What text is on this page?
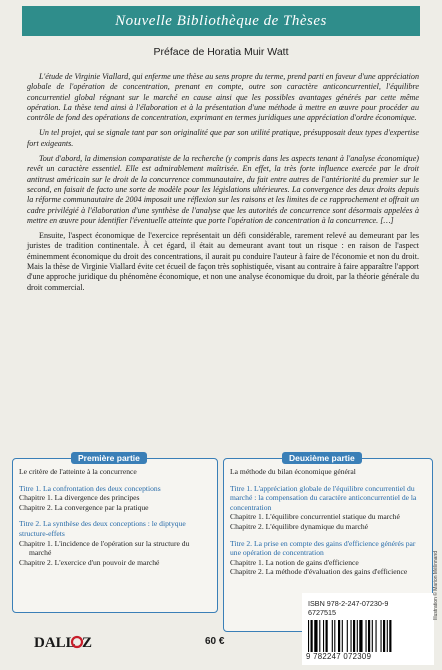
Nouvelle Bibliothèque de Thèses
Préface de Horatia Muir Watt

L'étude de Virginie Viallard, qui enferme une thèse au sens propre du terme, prend parti en faveur d'une appréciation globale de l'opération de concentration, prenant en compte, outre son caractère anticoncurrentiel, l'équilibre concurrentiel global régnant sur le marché en cause ainsi que les possibles avantages générés par cette même opération. La thèse tend ainsi à l'élaboration et à la présentation d'une méthode à mettre en œuvre pour procéder au contrôle de fond des opérations de concentration, exprimant en termes juridiques une appréciation d'ordre économique.

Un tel projet, qui se signale tant par son originalité que par son utilité pratique, présupposait deux types d'expertise fort exigeants.

Tout d'abord, la dimension comparatiste de la recherche (y compris dans les aspects tenant à l'analyse économique) revêt un caractère essentiel. Elle est admirablement maîtrisée. En effet, la très forte influence exercée par le droit antitrust américain sur le droit de la concurrence communautaire, du fait entre autres de l'antériorité du premier sur le second, en faisait de facto une sorte de modèle pour les législations ultérieures. La convergence des deux droits depuis la réforme communautaire de 2004 imposait une réflexion sur les raisons et les limites de ce rapprochement et offrait un cadre privilégié à l'élaboration d'une synthèse de l'analyse que les autorités de concurrence sont désormais appelées à mettre en œuvre pour identifier l'éventuelle atteinte que porte l'opération de concentration à la concurrence. […]

Ensuite, l'aspect économique de l'exercice représentait un défi considérable, rarement relevé au demeurant par les juristes de tradition continentale. À cet égard, il était au demeurant avant tout un risque : en raison de l'aspect éminemment économique du droit des concentrations, il aurait pu conduire l'auteur à faire de l'économie et non du droit. Mais la thèse de Virginie Viallard évite cet écueil de façon très sophistiquée, visant au contraire à faire apparaître l'apport d'une approche juridique du phénomène économique, et non une analyse économique du droit, par la théorie générale du droit commercial.

Première partie
Le critère de l'atteinte à la concurrence
Titre 1. La confrontation des deux conceptions
Chapitre 1. La divergence des principes
Chapitre 2. La convergence par la pratique
Titre 2. La synthèse des deux conceptions : le diptyque structure-effets
Chapitre 1. L'incidence de l'opération sur la structure du marché
Chapitre 2. L'exercice d'un pouvoir de marché
Deuxième partie
La méthode du bilan économique général
Titre 1. L'appréciation globale de l'équilibre concurrentiel du marché : la compensation du caractère anticoncurrentiel de la concentration
Chapitre 1. L'équilibre concurrentiel statique du marché
Chapitre 2. L'équilibre dynamique du marché
Titre 2. La prise en compte des gains d'efficience générés par une opération de concentration
Chapitre 1. La notion de gains d'efficience
Chapitre 2. La méthode d'évaluation des gains d'efficience
DALL Z	60 €
ISBN 978-2-247-07230-9
6727515
9 782247 072309
Illustration © Marion Mélinnand
